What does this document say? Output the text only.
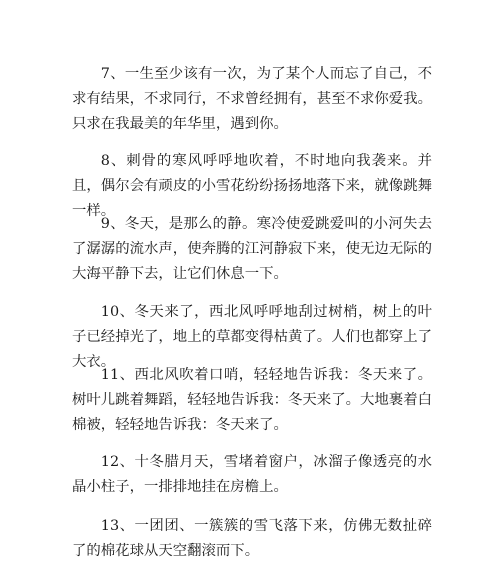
7、一生至少该有一次，为了某个人而忘了自己，不求有结果，不求同行，不求曾经拥有，甚至不求你爱我。只求在我最美的年华里，遇到你。

8、刺骨的寒风呼呼地吹着，不时地向我袭来。并且，偶尔会有顽皮的小雪花纷纷扬扬地落下来，就像跳舞一样。

9、冬天，是那么的静。寒冷使爱跳爱叫的小河失去了潺潺的流水声，使奔腾的江河静寂下来，使无边无际的大海平静下去，让它们休息一下。

10、冬天来了，西北风呼呼地刮过树梢，树上的叶子已经掉光了，地上的草都变得枯黄了。人们也都穿上了大衣。

11、西北风吹着口哨，轻轻地告诉我：冬天来了。树叶儿跳着舞蹈，轻轻地告诉我：冬天来了。大地裹着白棉被，轻轻地告诉我：冬天来了。

12、十冬腊月天，雪堵着窗户，冰溜子像透亮的水晶小柱子，一排排地挂在房檐上。

13、一团团、一簇簇的雪飞落下来，仿佛无数扯碎了的棉花球从天空翻滚而下。
